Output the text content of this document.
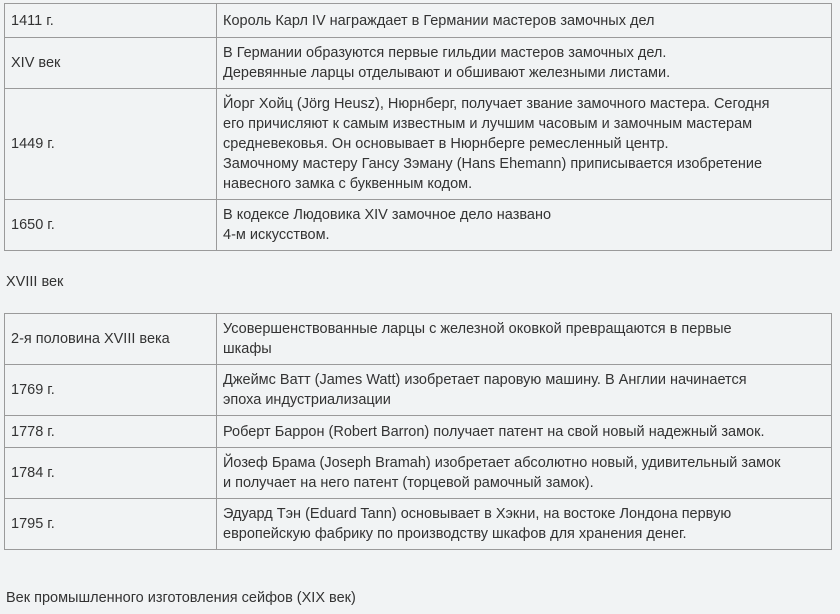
1411 г.	Король Карл IV награждает в Германии мастеров замочных дел

XIV век	В Германии образуются первые гильдии мастеров замочных дел.
Деревянные ларцы отделывают и обшивают железными листами.

1449 г.	Йорг Хойц (Jörg Heusz), Нюрнберг, получает звание замочного мастера. Сегодня
его причисляют к самым известным и лучшим часовым и замочным мастерам
средневековья. Он основывает в Нюрнберге ремесленный центр.
Замочному мастеру Гансу Зэману (Hans Ehemann) приписывается изобретение
навесного замка с буквенным кодом.

1650 г.	В кодексе Людовика XIV замочное дело названо
4-м искусством.
XVIII век
2-я половина XVIII века	Усовершенствованные ларцы с железной оковкой превращаются в первые
шкафы

1769 г.	Джеймс Ватт (James Watt) изобретает паровую машину. В Англии начинается
эпоха индустриализации

1778 г.	Роберт Баррон (Robert Barron) получает патент на свой новый надежный замок.

1784 г.	Йозеф Брама (Joseph Bramah) изобретает абсолютно новый, удивительный замок
и получает на него патент (торцевой рамочный замок).

1795 г.	Эдуард Тэн (Eduard Tann) основывает в Хэкни, на востоке Лондона первую
европейскую фабрику по производству шкафов для хранения денег.
Век промышленного изготовления сейфов (XIX век)
